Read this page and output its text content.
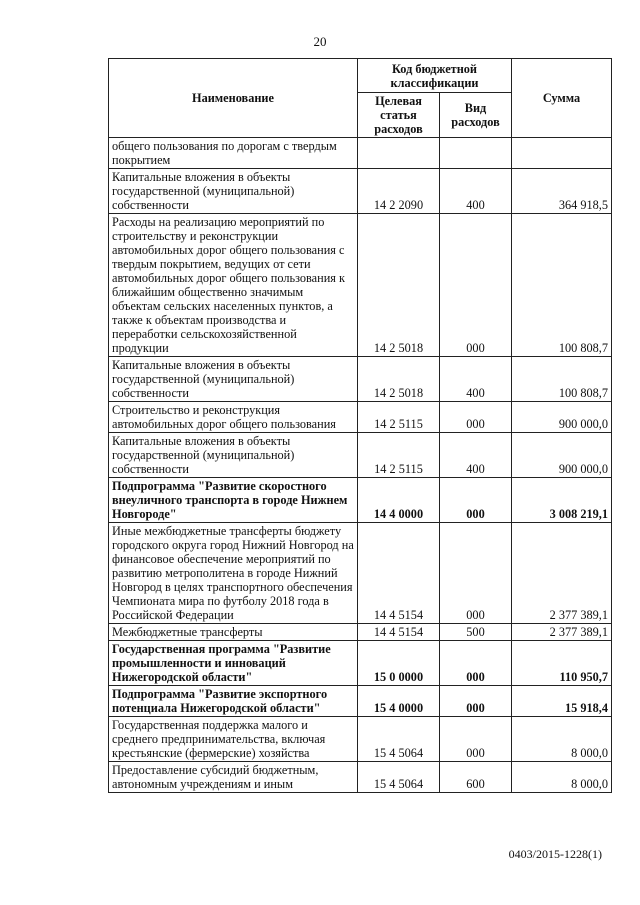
20
Наименование	Код бюджетной классификации		Сумма
	Целевая статья расходов	Вид расходов	
общего пользования по дорогам с твердым покрытием			
Капитальные вложения в объекты государственной (муниципальной) собственности	14 2 2090	400	364 918,5
Расходы на реализацию мероприятий по строительству и реконструкции автомобильных дорог общего пользования с твердым покрытием, ведущих от сети автомобильных дорог общего пользования к ближайшим общественно значимым объектам сельских населенных пунктов, а также к объектам производства и переработки сельскохозяйственной продукции	14 2 5018	000	100 808,7
Капитальные вложения в объекты государственной (муниципальной) собственности	14 2 5018	400	100 808,7
Строительство и реконструкция автомобильных дорог общего пользования	14 2 5115	000	900 000,0
Капитальные вложения в объекты государственной (муниципальной) собственности	14 2 5115	400	900 000,0
Подпрограмма "Развитие скоростного внеуличного транспорта в городе Нижнем Новгороде"	14 4 0000	000	3 008 219,1
Иные межбюджетные трансферты бюджету городского округа город Нижний Новгород на финансовое обеспечение мероприятий по развитию метрополитена в городе Нижний Новгород в целях транспортного обеспечения Чемпионата мира по футболу 2018 года в Российской Федерации	14 4 5154	000	2 377 389,1
Межбюджетные трансферты	14 4 5154	500	2 377 389,1
Государственная программа "Развитие промышленности и инноваций Нижегородской области"	15 0 0000	000	110 950,7
Подпрограмма "Развитие экспортного потенциала Нижегородской области"	15 4 0000	000	15 918,4
Государственная поддержка малого и среднего предпринимательства, включая крестьянские (фермерские) хозяйства	15 4 5064	000	8 000,0
Предоставление субсидий бюджетным, автономным учреждениям и иным	15 4 5064	600	8 000,0
0403/2015-1228(1)
